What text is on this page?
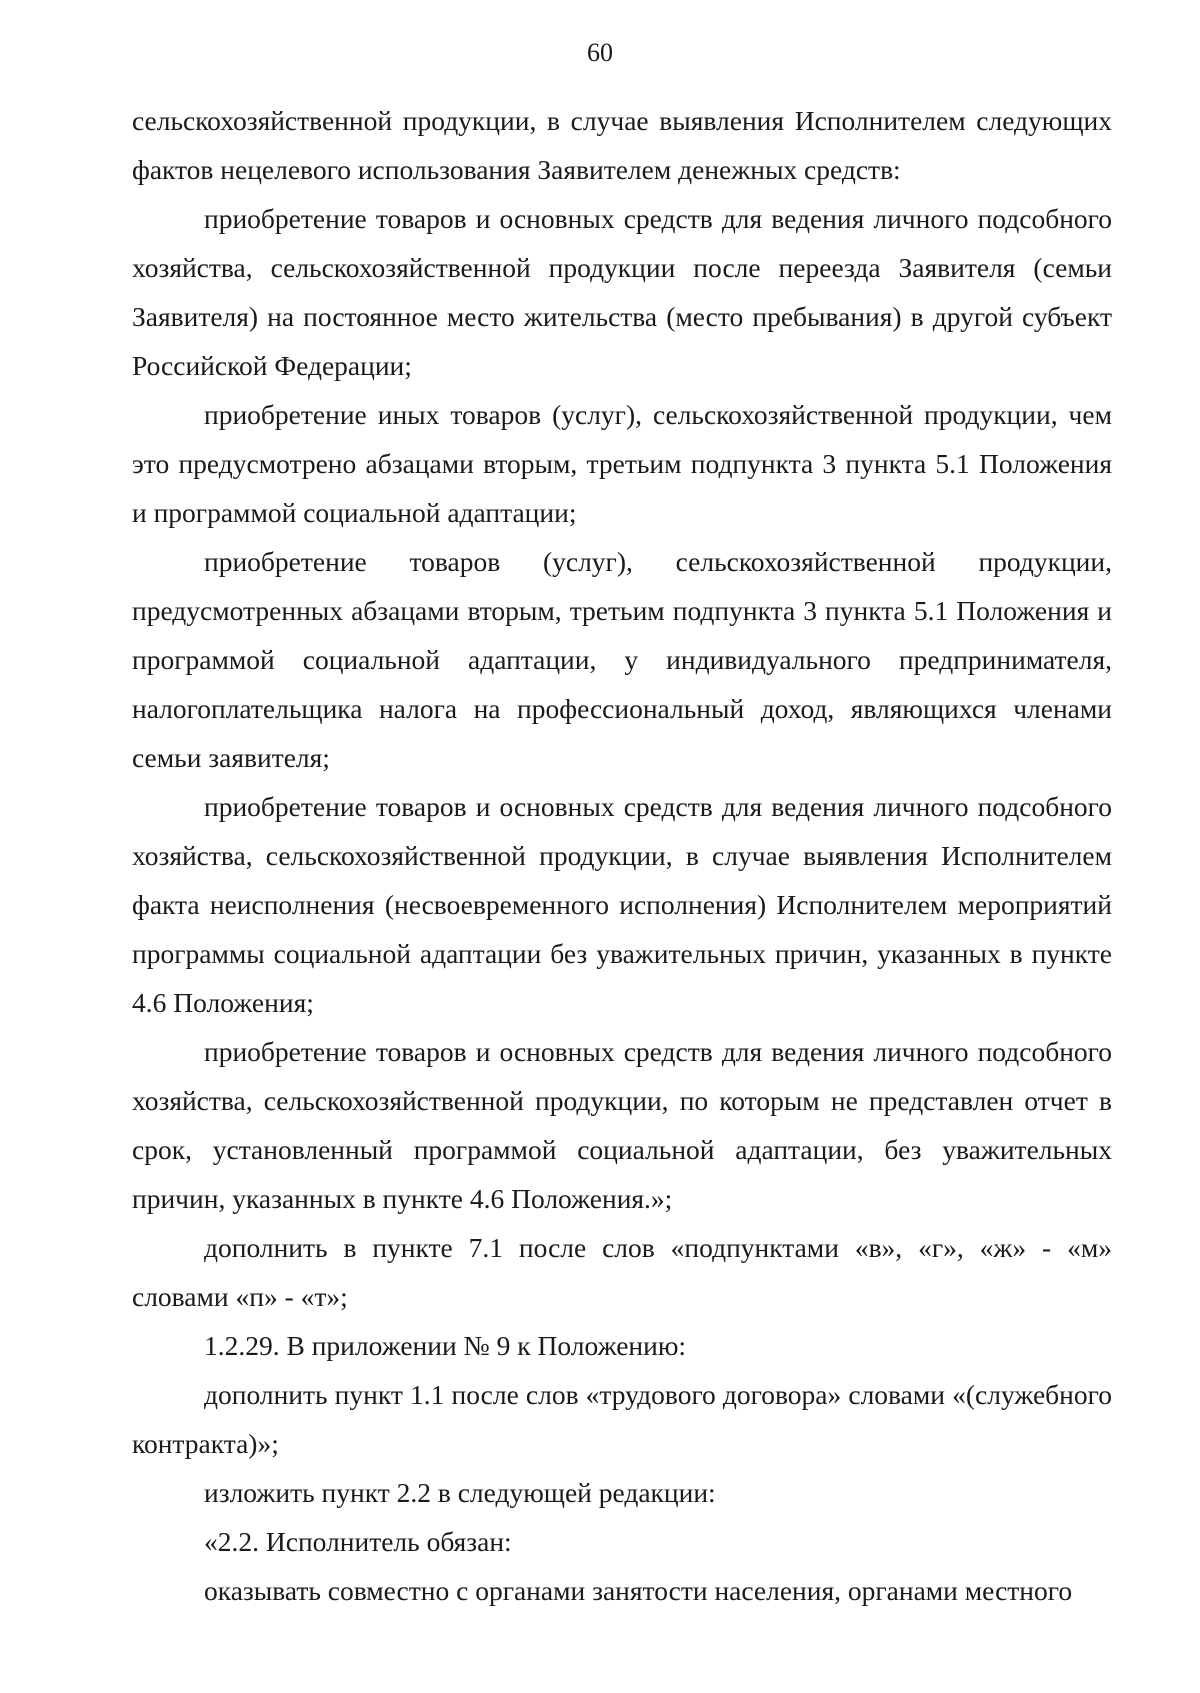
60

сельскохозяйственной продукции, в случае выявления Исполнителем следующих фактов нецелевого использования Заявителем денежных средств:

приобретение товаров и основных средств для ведения личного подсобного хозяйства, сельскохозяйственной продукции после переезда Заявителя (семьи Заявителя) на постоянное место жительства (место пребывания) в другой субъект Российской Федерации;

приобретение иных товаров (услуг), сельскохозяйственной продукции, чем это предусмотрено абзацами вторым, третьим подпункта 3 пункта 5.1 Положения и программой социальной адаптации;

приобретение товаров (услуг), сельскохозяйственной продукции, предусмотренных абзацами вторым, третьим подпункта 3 пункта 5.1 Положения и программой социальной адаптации, у индивидуального предпринимателя, налогоплательщика налога на профессиональный доход, являющихся членами семьи заявителя;

приобретение товаров и основных средств для ведения личного подсобного хозяйства, сельскохозяйственной продукции, в случае выявления Исполнителем факта неисполнения (несвоевременного исполнения) Исполнителем мероприятий программы социальной адаптации без уважительных причин, указанных в пункте 4.6 Положения;

приобретение товаров и основных средств для ведения личного подсобного хозяйства, сельскохозяйственной продукции, по которым не представлен отчет в срок, установленный программой социальной адаптации, без уважительных причин, указанных в пункте 4.6 Положения.»;

дополнить в пункте 7.1 после слов «подпунктами «в», «г», «ж» - «м» словами «п» - «т»;

1.2.29. В приложении № 9 к Положению:

дополнить пункт 1.1 после слов «трудового договора» словами «(служебного контракта)»;

изложить пункт 2.2 в следующей редакции:

«2.2. Исполнитель обязан:

оказывать совместно с органами занятости населения, органами местного
